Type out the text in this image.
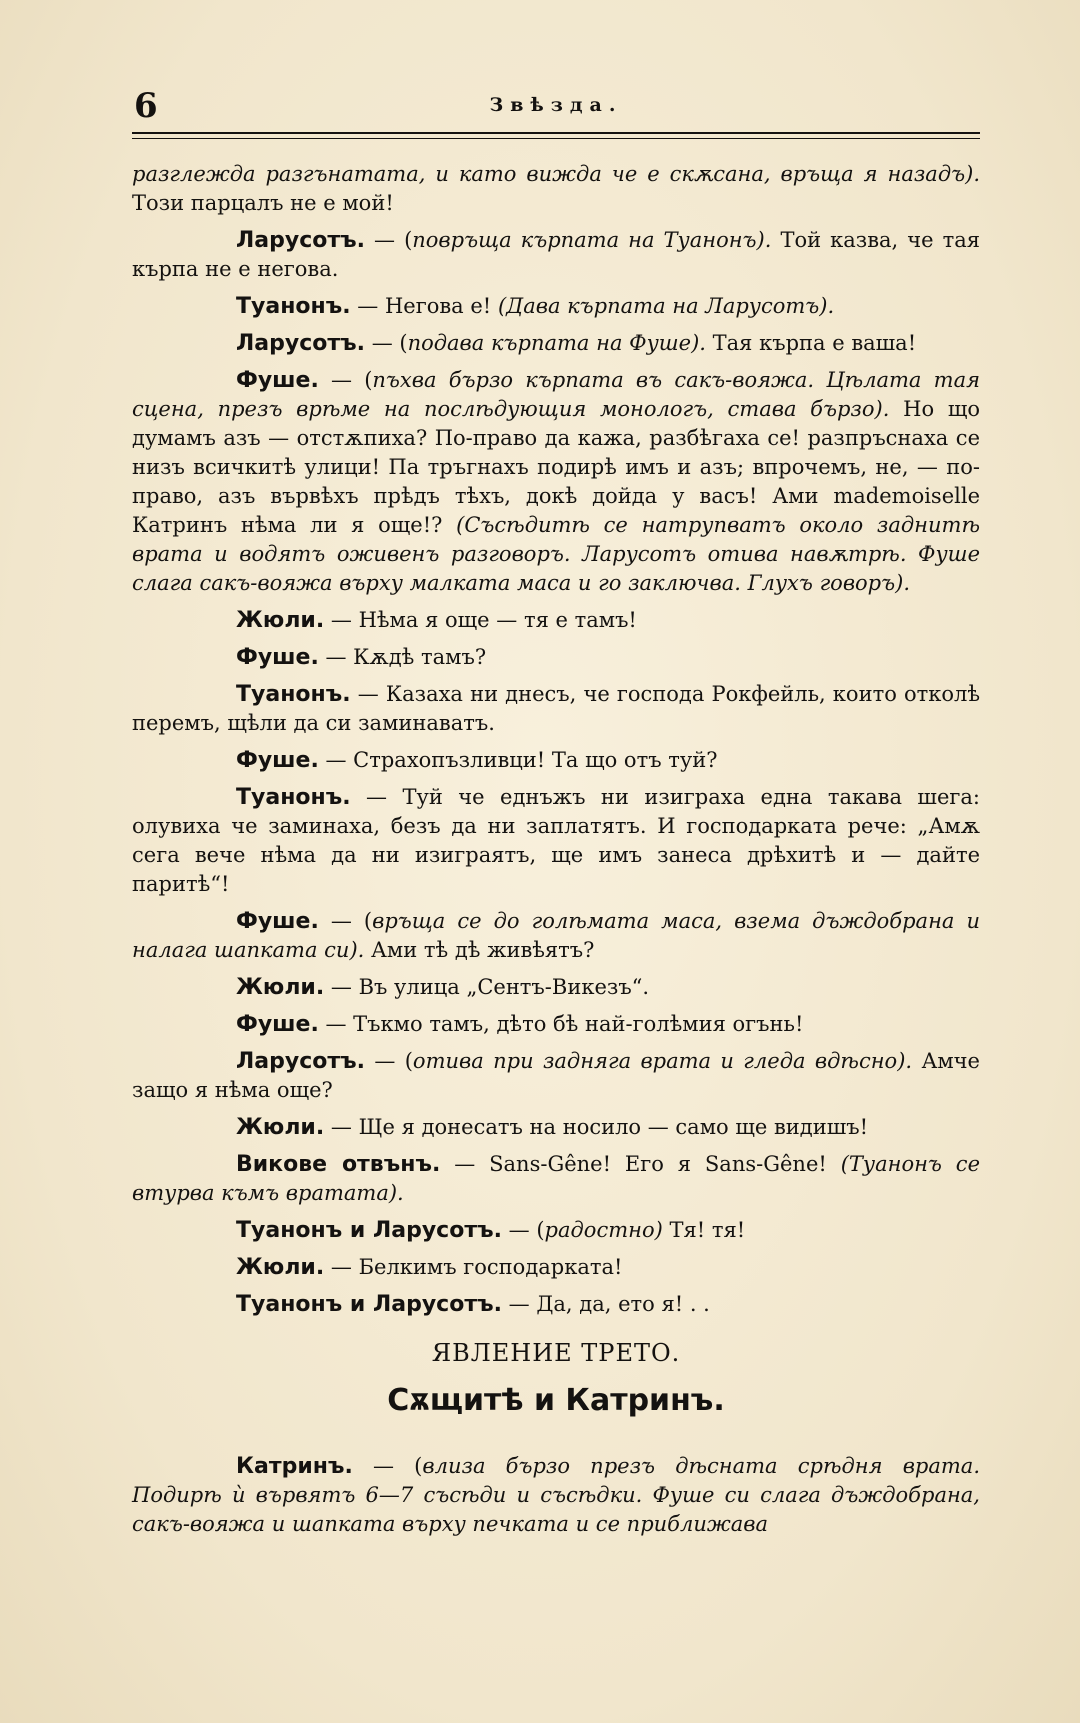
6	Звѣзда.

разглежда разгънатата, и като вижда че е скѫсана, връща я назадъ). Този парцалъ не е мой!

Ларусотъ. — (повръща кърпата на Туанонъ). Той казва, че тая кърпа не е негова.

Туанонъ. — Негова е! (Дава кърпата на Ларусотъ).

Ларусотъ. — (подава кърпата на Фуше). Тая кърпа е ваша!

Фуше. — (пъхва бързо кърпата въ сакъ-вояжа. Цѣлата тая сцена, презъ врѣме на послѣдующия монологъ, става бързо). Но що думамъ азъ — отстѫпиха? По-право да кажа, разбѣгаха се! разпръснаха се низъ всичкитѣ улици! Па тръгнахъ подирѣ имъ и азъ; впрочемъ, не, — по-право, азъ вървѣхъ прѣдъ тѣхъ, докѣ дойда у васъ! Ами mademoiselle Катринъ нѣма ли я още!? (Съсѣдитѣ се натрупватъ около заднитѣ врата и водятъ оживенъ разговоръ. Ларусотъ отива навѫтрѣ. Фуше слага сакъ-вояжа върху малката маса и го заключва. Глухъ говоръ).

Жюли. — Нѣма я още — тя е тамъ!

Фуше. — Кѫдѣ тамъ?

Туанонъ. — Казаха ни днесъ, че господа Рокфейль, които отколѣ перемъ, щѣли да си заминаватъ.

Фуше. — Страхопъзливци! Та що отъ туй?

Туанонъ. — Туй че еднъжъ ни изиграха една такава шега: олувиха че заминаха, безъ да ни заплатятъ. И господарката рече: „Амѫ сега вече нѣма да ни изиграятъ, ще имъ занеса дрѣхитѣ и — дайте паритѣ“!

Фуше. — (връща се до голѣмата маса, взема дъждобрана и налага шапката си). Ами тѣ дѣ живѣятъ?

Жюли. — Въ улица „Сентъ-Викезъ“.

Фуше. — Тъкмо тамъ, дѣто бѣ най-голѣмия огънь!

Ларусотъ. — (отива при задняга врата и гледа вдѣсно). Амче защо я нѣма още?

Жюли. — Ще я донесатъ на носило — само ще видишъ!

Викове отвънъ. — Sans-Gêne! Его я Sans-Gêne! (Туанонъ се втурва къмъ вратата).

Туанонъ и Ларусотъ. — (радостно) Тя! тя!

Жюли. — Белкимъ господарката!

Туанонъ и Ларусотъ. — Да, да, ето я! . .

ЯВЛЕНИЕ ТРЕТО.
Сѫщитѣ и Катринъ.

Катринъ. — (влиза бързо презъ дѣсната срѣдня врата. Подирѣ ѝ вървятъ 6—7 съсѣди и съсѣдки. Фуше си слага дъждобрана, сакъ-вояжа и шапката върху печката и се приближава
